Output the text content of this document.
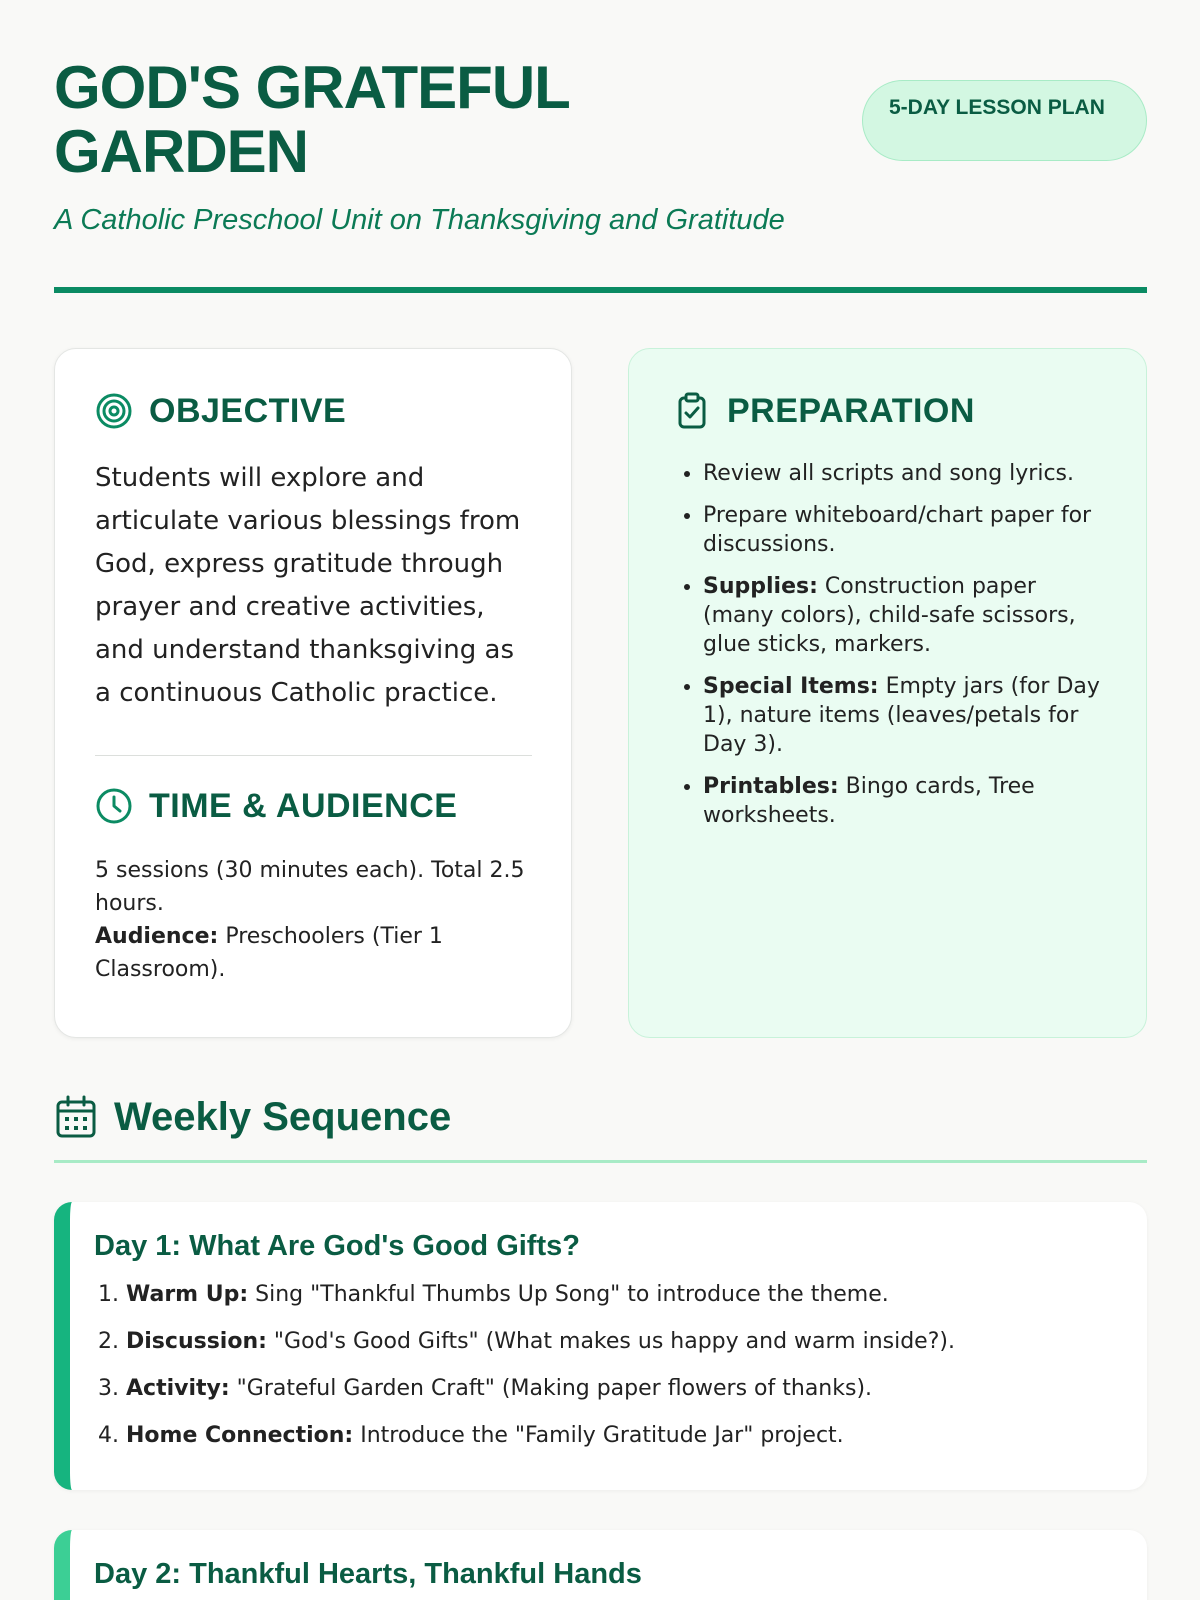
GOD'S GRATEFUL GARDEN
5-DAY LESSON PLAN
A Catholic Preschool Unit on Thanksgiving and Gratitude
OBJECTIVE

Students will explore and articulate various blessings from God, express gratitude through prayer and creative activities, and understand thanksgiving as a continuous Catholic practice.

TIME & AUDIENCE
5 sessions (30 minutes each). Total 2.5 hours.
Audience: Preschoolers (Tier 1 Classroom).
PREPARATION
• Review all scripts and song lyrics.
• Prepare whiteboard/chart paper for discussions.
• Supplies: Construction paper (many colors), child-safe scissors, glue sticks, markers.
• Special Items: Empty jars (for Day 1), nature items (leaves/petals for Day 3).
• Printables: Bingo cards, Tree worksheets.
Weekly Sequence
Day 1: What Are God's Good Gifts?
1. Warm Up: Sing "Thankful Thumbs Up Song" to introduce the theme.
2. Discussion: "God's Good Gifts" (What makes us happy and warm inside?).
3. Activity: "Grateful Garden Craft" (Making paper flowers of thanks).
4. Home Connection: Introduce the "Family Gratitude Jar" project.
Day 2: Thankful Hearts, Thankful Hands
